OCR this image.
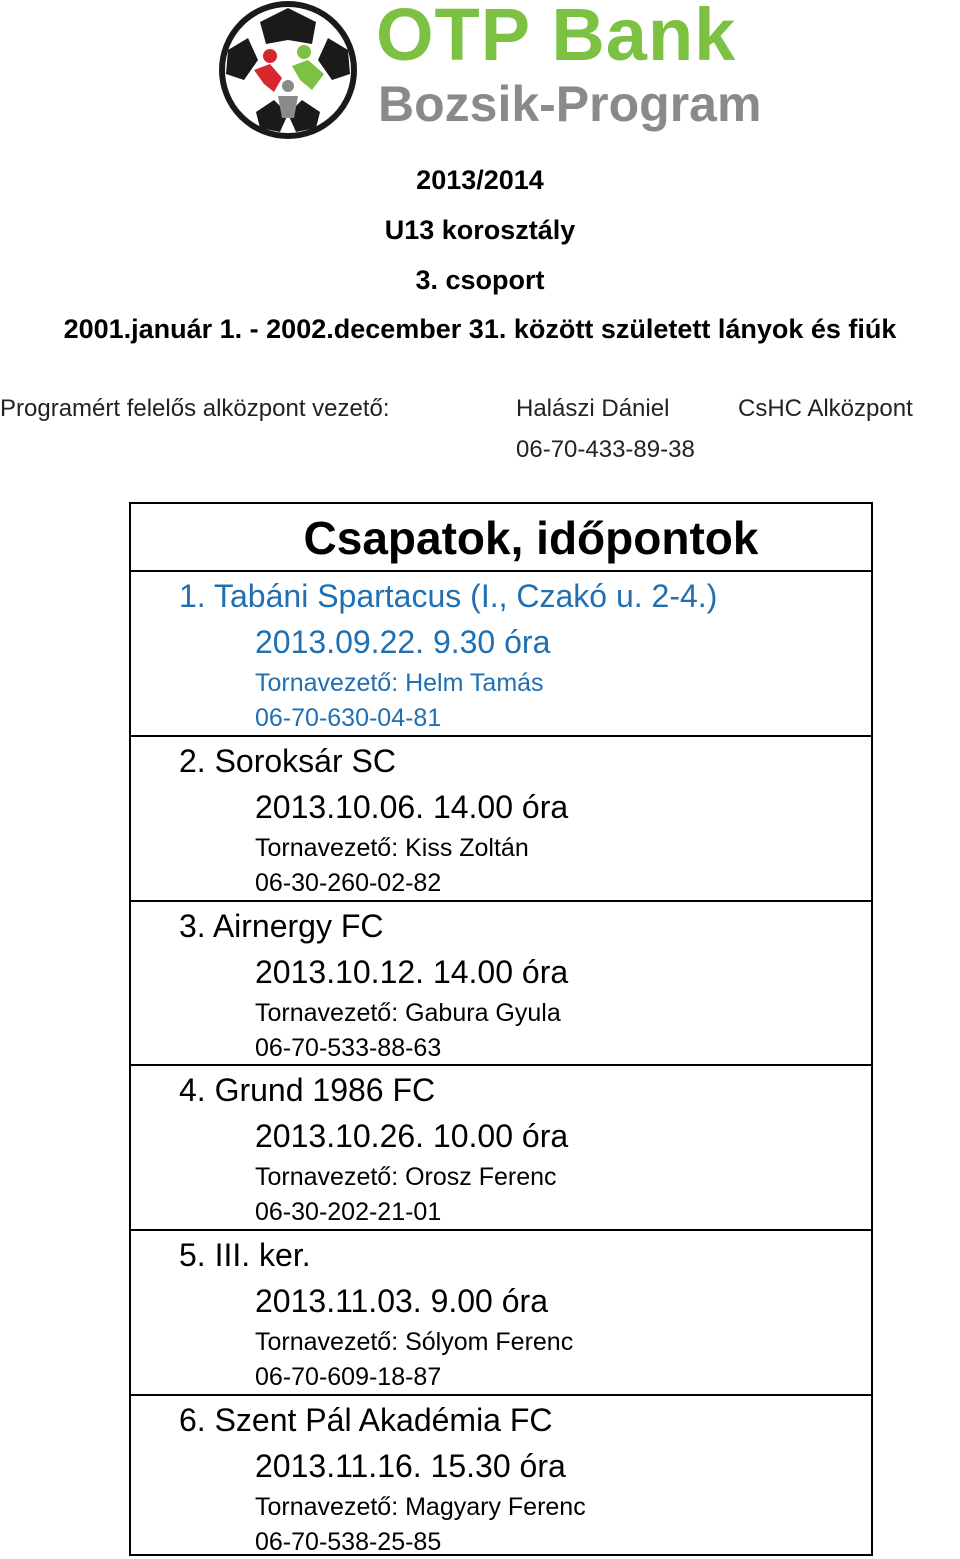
OTP Bank
Bozsik-Program
2013/2014
U13 korosztály
3. csoport
2001.január 1. - 2002.december 31. között született lányok és fiúk
Programért felelős alközpont vezető:	Halászi Dániel	CsHC Alközpont
06-70-433-89-38
Csapatok, időpontok
1. Tabáni Spartacus (I., Czakó u. 2-4.)
2013.09.22. 9.30 óra
Tornavezető: Helm Tamás
06-70-630-04-81
2. Soroksár SC
2013.10.06. 14.00 óra
Tornavezető: Kiss Zoltán
06-30-260-02-82
3. Airnergy FC
2013.10.12. 14.00 óra
Tornavezető: Gabura Gyula
06-70-533-88-63
4. Grund 1986 FC
2013.10.26. 10.00 óra
Tornavezető: Orosz Ferenc
06-30-202-21-01
5. III. ker.
2013.11.03. 9.00 óra
Tornavezető: Sólyom Ferenc
06-70-609-18-87
6. Szent Pál Akadémia FC
2013.11.16. 15.30 óra
Tornavezető: Magyary Ferenc
06-70-538-25-85
